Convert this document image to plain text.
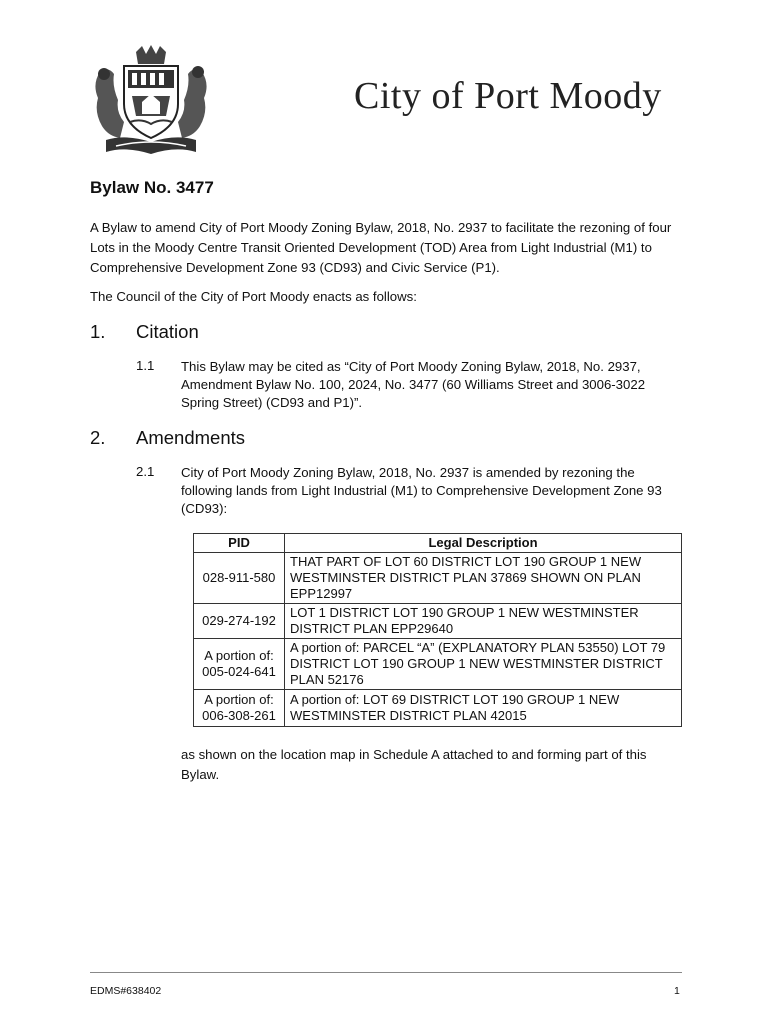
City of Port Moody
Bylaw No. 3477
A Bylaw to amend City of Port Moody Zoning Bylaw, 2018, No. 2937 to facilitate the rezoning of four Lots in the Moody Centre Transit Oriented Development (TOD) Area from Light Industrial (M1) to Comprehensive Development Zone 93 (CD93) and Civic Service (P1).
The Council of the City of Port Moody enacts as follows:
1. Citation
1.1 This Bylaw may be cited as “City of Port Moody Zoning Bylaw, 2018, No. 2937, Amendment Bylaw No. 100, 2024, No. 3477 (60 Williams Street and 3006-3022 Spring Street) (CD93 and P1)”.
2. Amendments
2.1 City of Port Moody Zoning Bylaw, 2018, No. 2937 is amended by rezoning the following lands from Light Industrial (M1) to Comprehensive Development Zone 93 (CD93):
PID	Legal Description
028-911-580	THAT PART OF LOT 60 DISTRICT LOT 190 GROUP 1 NEW WESTMINSTER DISTRICT PLAN 37869 SHOWN ON PLAN EPP12997
029-274-192	LOT 1 DISTRICT LOT 190 GROUP 1 NEW WESTMINSTER DISTRICT PLAN EPP29640
A portion of: 005-024-641	A portion of: PARCEL “A” (EXPLANATORY PLAN 53550) LOT 79 DISTRICT LOT 190 GROUP 1 NEW WESTMINSTER DISTRICT PLAN 52176
A portion of: 006-308-261	A portion of: LOT 69 DISTRICT LOT 190 GROUP 1 NEW WESTMINSTER DISTRICT PLAN 42015
as shown on the location map in Schedule A attached to and forming part of this Bylaw.
EDMS#638402	1
